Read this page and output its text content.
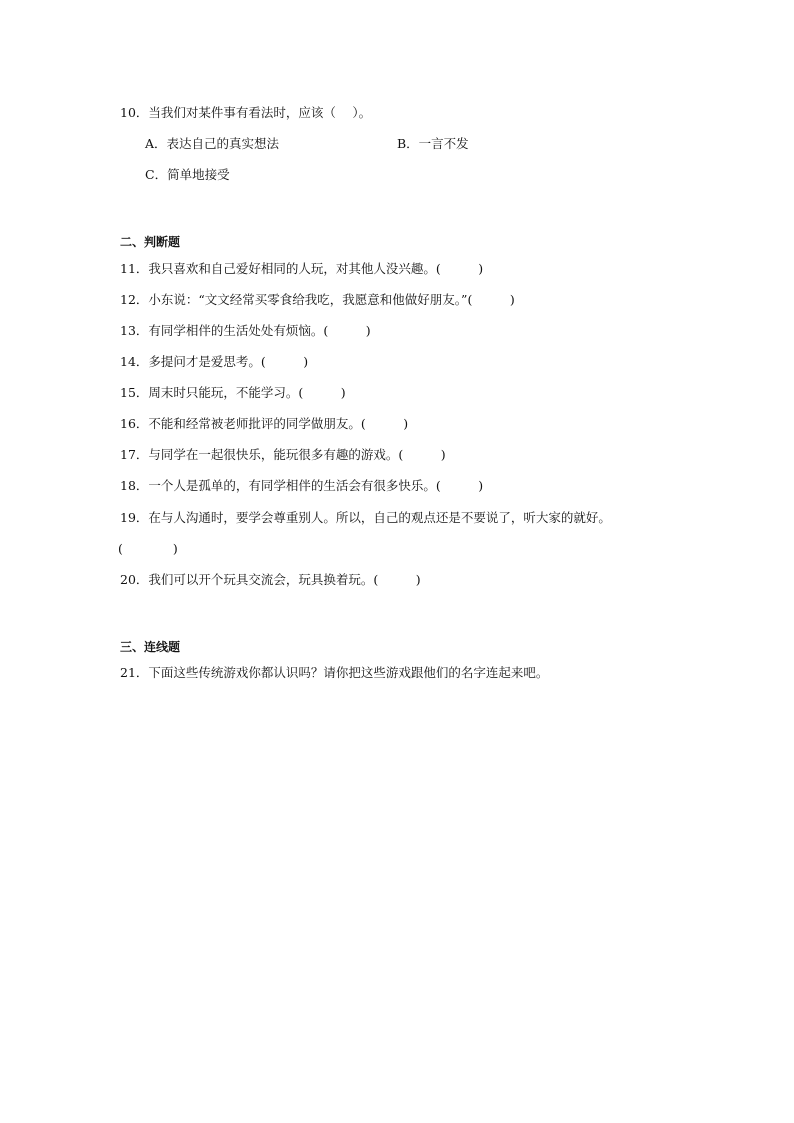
10．当我们对某件事有看法时，应该（　 ）。
A．表达自己的真实想法	B．一言不发
C．简单地接受
二、判断题
11．我只喜欢和自己爱好相同的人玩，对其他人没兴趣。(　　　)
12．小东说：“文文经常买零食给我吃，我愿意和他做好朋友。”(　　　)
13．有同学相伴的生活处处有烦恼。(　　　)
14．多提问才是爱思考。(　　　)
15．周末时只能玩，不能学习。(　　　)
16．不能和经常被老师批评的同学做朋友。(　　　)
17．与同学在一起很快乐，能玩很多有趣的游戏。(　　　)
18．一个人是孤单的，有同学相伴的生活会有很多快乐。(　　　)
19．在与人沟通时，要学会尊重别人。所以，自己的观点还是不要说了，听大家的就好。
(　　　　)
20．我们可以开个玩具交流会，玩具换着玩。(　　　)
三、连线题
21．下面这些传统游戏你都认识吗？请你把这些游戏跟他们的名字连起来吧。
